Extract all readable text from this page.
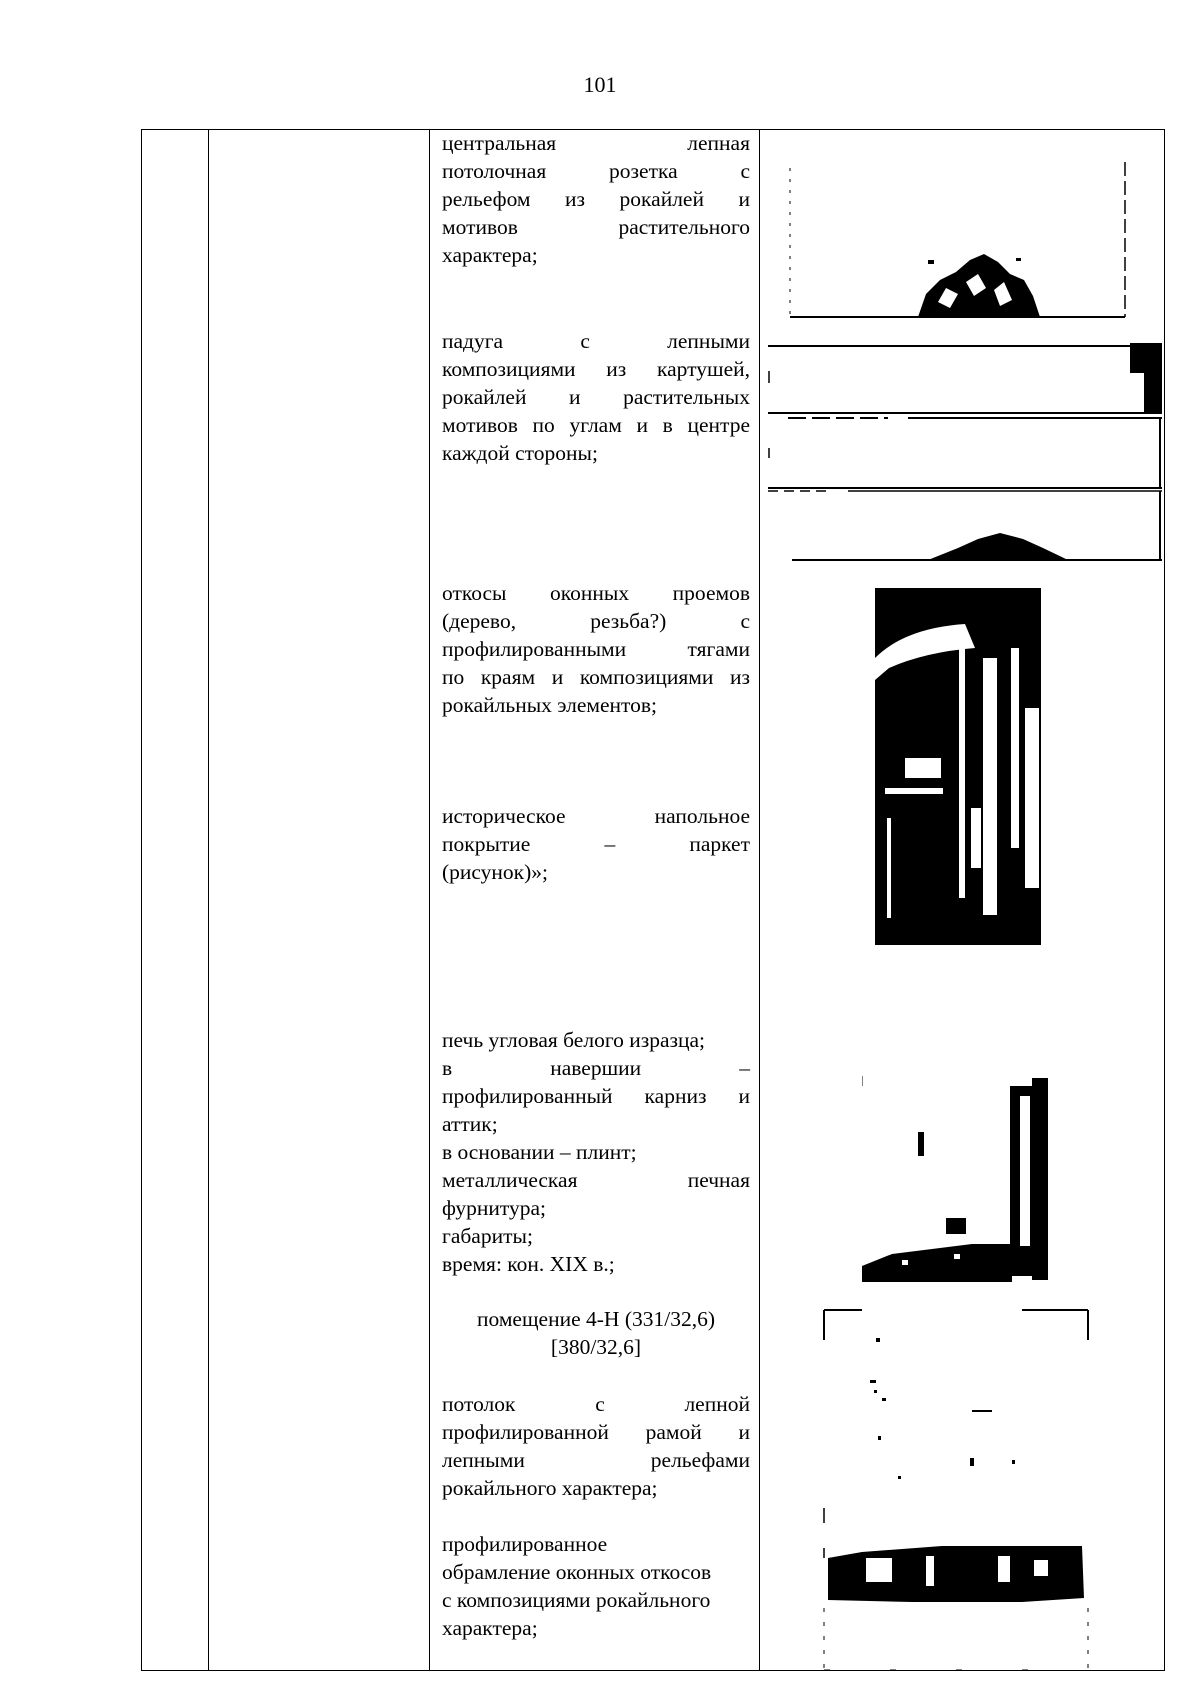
101

центральная лепная
потолочная розетка с
рельефом из рокайлей и
мотивов растительного
характера;

падуга с лепными
композициями из картушей,
рокайлей и растительных
мотивов по углам и в центре
каждой стороны;

откосы оконных проемов
(дерево, резьба?) с
профилированными тягами
по краям и композициями из
рокайльных элементов;

историческое напольное
покрытие – паркет
(рисунок)»;

печь угловая белого изразца;
в навершии –
профилированный карниз и
аттик;
в основании – плинт;
металлическая печная
фурнитура;
габариты;
время: кон. XIX в.;

помещение 4-Н (331/32,6)
[380/32,6]

потолок с лепной
профилированной рамой и
лепными рельефами
рокайльного характера;

профилированное
обрамление оконных откосов
с композициями рокайльного
характера;
